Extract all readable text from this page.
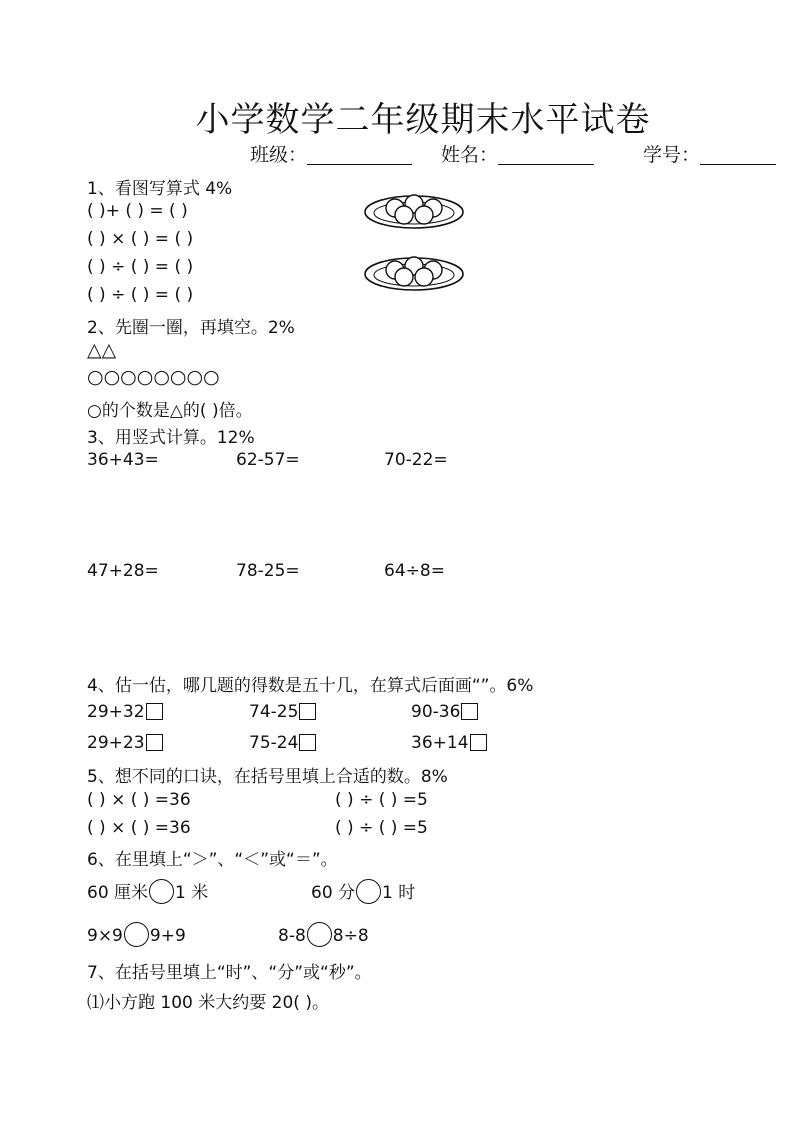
小学数学二年级期末水平试卷
班级：	姓名：	学号：
1、看图写算式 4%
( )+ ( ) = ( )
( ) × ( ) = ( )
( ) ÷ ( ) = ( )
( ) ÷ ( ) = ( )
2、先圈一圈，再填空。2%
△△
○○○○○○○○
○的个数是△的( )倍。
3、用竖式计算。12%
36+43=	62-57=	70-22=
47+28=	78-25=	64÷8=
4、估一估，哪几题的得数是五十几，在算式后面画“”。6%
29+32	74-25	90-36
29+23	75-24	36+14
5、想不同的口诀，在括号里填上合适的数。8%
( ) × ( ) =36	( ) ÷ ( ) =5
( ) × ( ) =36	( ) ÷ ( ) =5
6、在里填上“＞”、“＜”或“＝”。
60 厘米 1 米	60 分 1 时
9×9 9+9	8-8 8÷8
7、在括号里填上“时”、“分”或“秒”。
⑴小方跑 100 米大约要 20( )。
